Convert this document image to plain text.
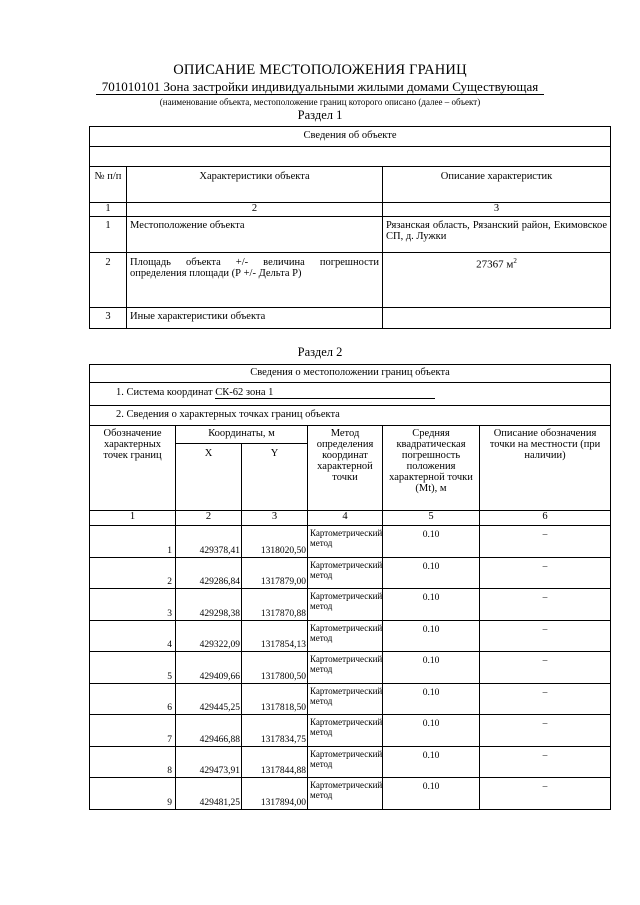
ОПИСАНИЕ МЕСТОПОЛОЖЕНИЯ ГРАНИЦ
701010101 Зона застройки индивидуальными жилыми домами Существующая
(наименование объекта, местоположение границ которого описано (далее – объект)
Раздел 1
Сведения об объекте		

№ п/п	Характеристики объекта	Описание характеристик
1	2	3
1	Местоположение объекта	Рязанская область, Рязанский район, Екимовское СП, д. Лужки
2	Площадь объекта +/- величина погрешности определения площади (Р +/- Дельта Р)	27367 $м^2$
3	Иные характеристики объекта	
Раздел 2
Сведения о местоположении границ объекта					
1. Система координат СК-62 зона 1					
2. Сведения о характерных точках границ объекта					
Обозначение характерных точек границ	Координаты, м		Метод определения координат характерной точки	Средняя квадратическая погрешность положения характерной точки (Mt), м	Описание обозначения точки на местности (при наличии)
	X	Y			
1	2	3	4	5	6
1	429378,41	1318020,50	Картометрический метод	0.10	–
2	429286,84	1317879,00	Картометрический метод	0.10	–
3	429298,38	1317870,88	Картометрический метод	0.10	–
4	429322,09	1317854,13	Картометрический метод	0.10	–
5	429409,66	1317800,50	Картометрический метод	0.10	–
6	429445,25	1317818,50	Картометрический метод	0.10	–
7	429466,88	1317834,75	Картометрический метод	0.10	–
8	429473,91	1317844,88	Картометрический метод	0.10	–
9	429481,25	1317894,00	Картометрический метод	0.10	–
